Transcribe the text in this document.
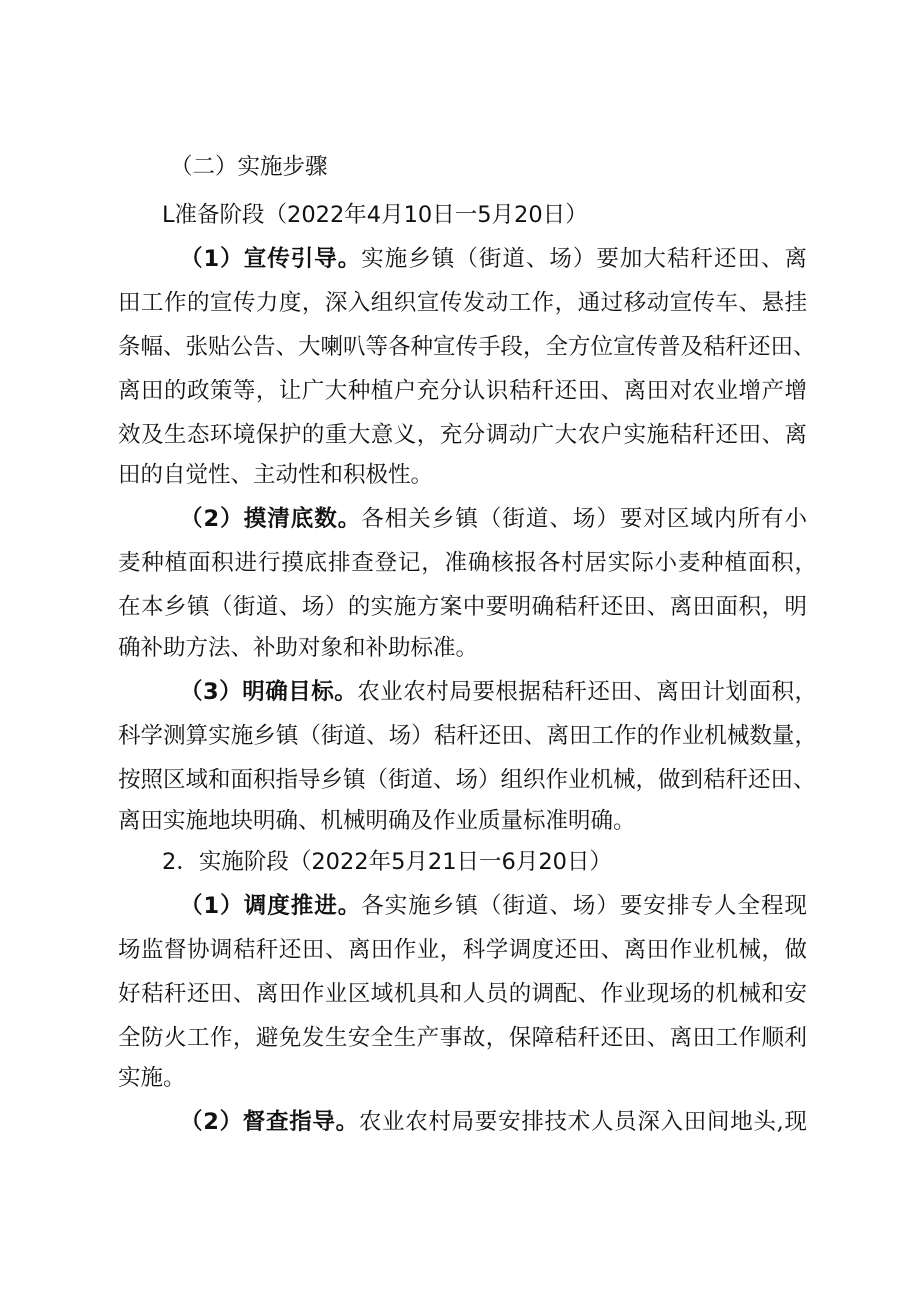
（二）实施步骤
L准备阶段（2022年4月10日一5月20日）
（1）宣传引导。实施乡镇（街道、场）要加大秸秆还田、离
田工作的宣传力度，深入组织宣传发动工作，通过移动宣传车、悬挂
条幅、张贴公告、大喇叭等各种宣传手段，全方位宣传普及秸秆还田、
离田的政策等，让广大种植户充分认识秸秆还田、离田对农业增产增
效及生态环境保护的重大意义，充分调动广大农户实施秸秆还田、离
田的自觉性、主动性和积极性。
（2）摸清底数。各相关乡镇（街道、场）要对区域内所有小
麦种植面积进行摸底排查登记，准确核报各村居实际小麦种植面积，
在本乡镇（街道、场）的实施方案中要明确秸秆还田、离田面积，明
确补助方法、补助对象和补助标准。
（3）明确目标。农业农村局要根据秸秆还田、离田计划面积，
科学测算实施乡镇（街道、场）秸秆还田、离田工作的作业机械数量，
按照区域和面积指导乡镇（街道、场）组织作业机械，做到秸秆还田、
离田实施地块明确、机械明确及作业质量标准明确。
2．实施阶段（2022年5月21日一6月20日）
（1）调度推进。各实施乡镇（街道、场）要安排专人全程现
场监督协调秸秆还田、离田作业，科学调度还田、离田作业机械，做
好秸秆还田、离田作业区域机具和人员的调配、作业现场的机械和安
全防火工作，避免发生安全生产事故，保障秸秆还田、离田工作顺利
实施。
（2）督查指导。农业农村局要安排技术人员深入田间地头,现
